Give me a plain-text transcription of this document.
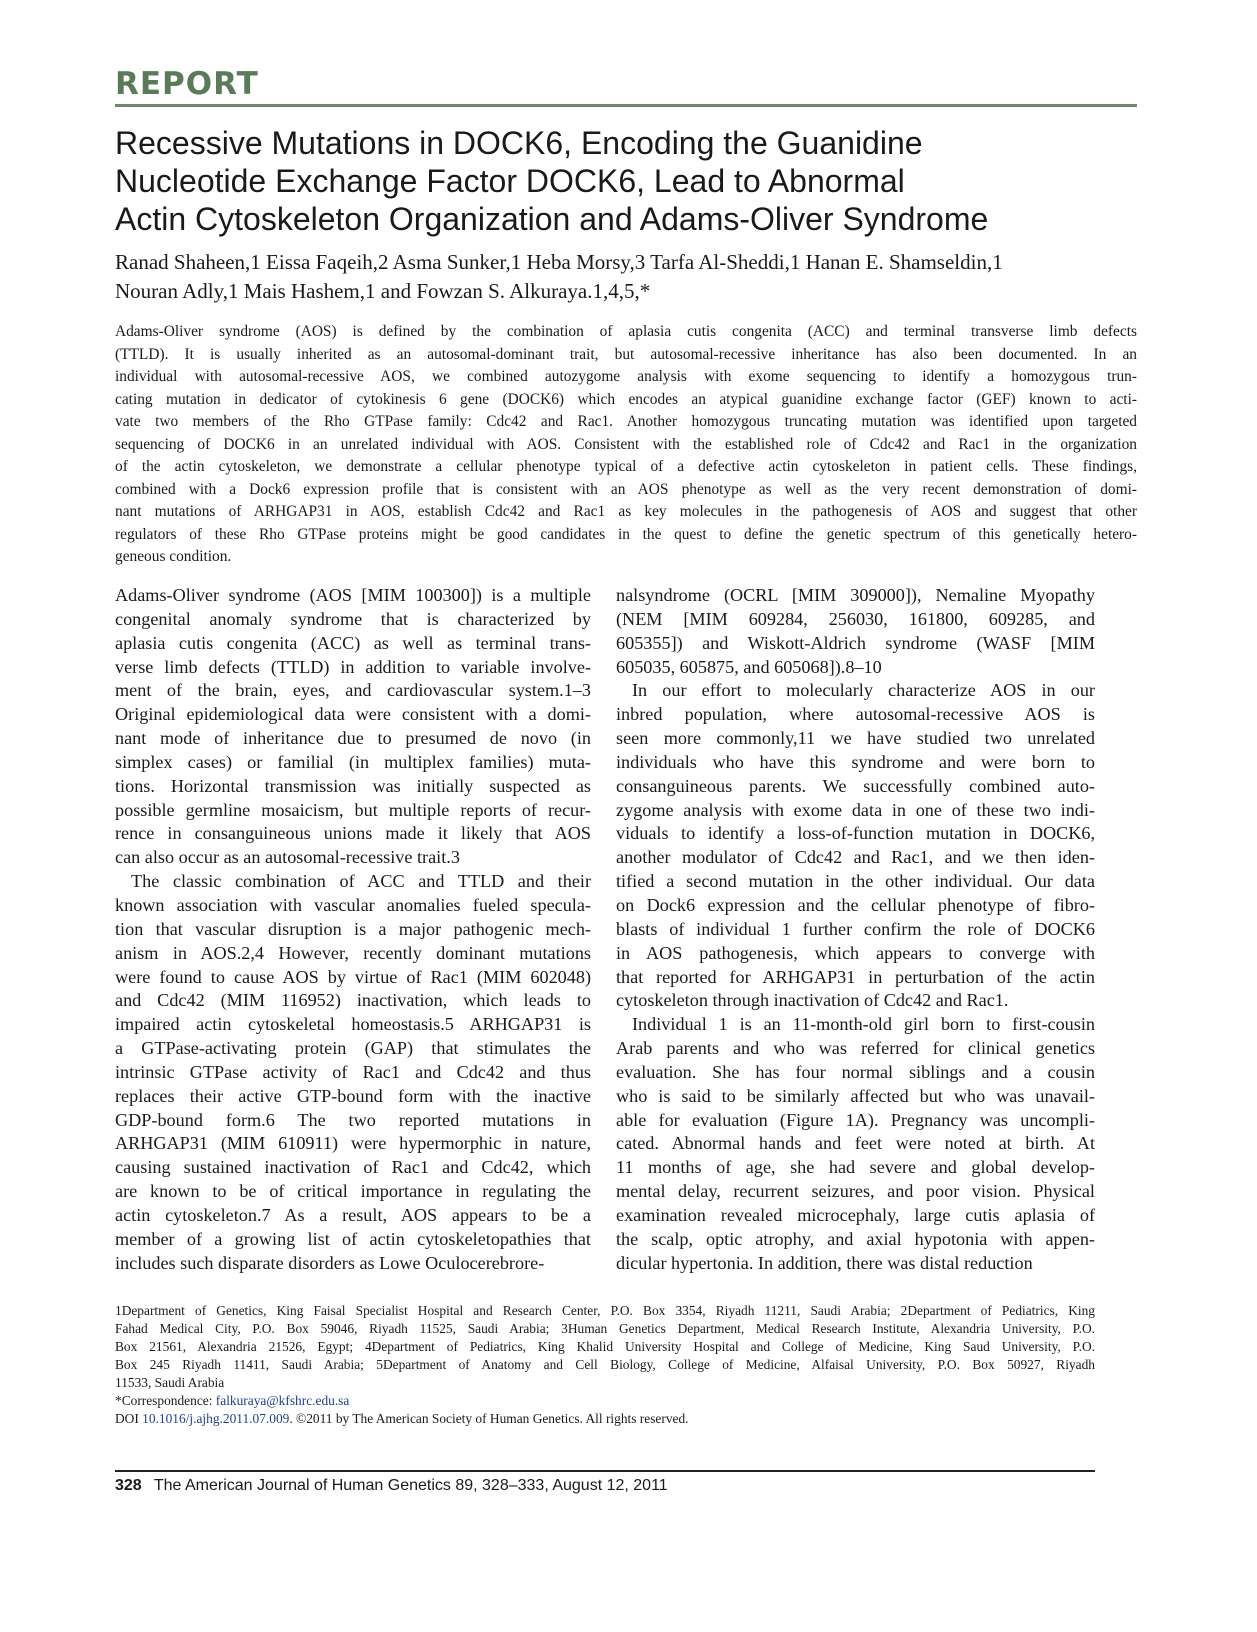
REPORT
Recessive Mutations in DOCK6, Encoding the Guanidine
Nucleotide Exchange Factor DOCK6, Lead to Abnormal
Actin Cytoskeleton Organization and Adams-Oliver Syndrome
Ranad Shaheen,1 Eissa Faqeih,2 Asma Sunker,1 Heba Morsy,3 Tarfa Al-Sheddi,1 Hanan E. Shamseldin,1
Nouran Adly,1 Mais Hashem,1 and Fowzan S. Alkuraya.1,4,5,*
Adams-Oliver syndrome (AOS) is defined by the combination of aplasia cutis congenita (ACC) and terminal transverse limb defects
(TTLD). It is usually inherited as an autosomal-dominant trait, but autosomal-recessive inheritance has also been documented. In an
individual with autosomal-recessive AOS, we combined autozygome analysis with exome sequencing to identify a homozygous trun-
cating mutation in dedicator of cytokinesis 6 gene (DOCK6) which encodes an atypical guanidine exchange factor (GEF) known to acti-
vate two members of the Rho GTPase family: Cdc42 and Rac1. Another homozygous truncating mutation was identified upon targeted
sequencing of DOCK6 in an unrelated individual with AOS. Consistent with the established role of Cdc42 and Rac1 in the organization
of the actin cytoskeleton, we demonstrate a cellular phenotype typical of a defective actin cytoskeleton in patient cells. These findings,
combined with a Dock6 expression profile that is consistent with an AOS phenotype as well as the very recent demonstration of domi-
nant mutations of ARHGAP31 in AOS, establish Cdc42 and Rac1 as key molecules in the pathogenesis of AOS and suggest that other
regulators of these Rho GTPase proteins might be good candidates in the quest to define the genetic spectrum of this genetically hetero-
geneous condition.
Adams-Oliver syndrome (AOS [MIM 100300]) is a multiple
congenital anomaly syndrome that is characterized by
aplasia cutis congenita (ACC) as well as terminal trans-
verse limb defects (TTLD) in addition to variable involve-
ment of the brain, eyes, and cardiovascular system.1–3
Original epidemiological data were consistent with a domi-
nant mode of inheritance due to presumed de novo (in
simplex cases) or familial (in multiplex families) muta-
tions. Horizontal transmission was initially suspected as
possible germline mosaicism, but multiple reports of recur-
rence in consanguineous unions made it likely that AOS
can also occur as an autosomal-recessive trait.3
The classic combination of ACC and TTLD and their
known association with vascular anomalies fueled specula-
tion that vascular disruption is a major pathogenic mech-
anism in AOS.2,4 However, recently dominant mutations
were found to cause AOS by virtue of Rac1 (MIM 602048)
and Cdc42 (MIM 116952) inactivation, which leads to
impaired actin cytoskeletal homeostasis.5 ARHGAP31 is
a GTPase-activating protein (GAP) that stimulates the
intrinsic GTPase activity of Rac1 and Cdc42 and thus
replaces their active GTP-bound form with the inactive
GDP-bound form.6 The two reported mutations in
ARHGAP31 (MIM 610911) were hypermorphic in nature,
causing sustained inactivation of Rac1 and Cdc42, which
are known to be of critical importance in regulating the
actin cytoskeleton.7 As a result, AOS appears to be a
member of a growing list of actin cytoskeletopathies that
includes such disparate disorders as Lowe Oculocerebrore-
nalsyndrome (OCRL [MIM 309000]), Nemaline Myopathy
(NEM [MIM 609284, 256030, 161800, 609285, and
605355]) and Wiskott-Aldrich syndrome (WASF [MIM
605035, 605875, and 605068]).8–10
In our effort to molecularly characterize AOS in our
inbred population, where autosomal-recessive AOS is
seen more commonly,11 we have studied two unrelated
individuals who have this syndrome and were born to
consanguineous parents. We successfully combined auto-
zygome analysis with exome data in one of these two indi-
viduals to identify a loss-of-function mutation in DOCK6,
another modulator of Cdc42 and Rac1, and we then iden-
tified a second mutation in the other individual. Our data
on Dock6 expression and the cellular phenotype of fibro-
blasts of individual 1 further confirm the role of DOCK6
in AOS pathogenesis, which appears to converge with
that reported for ARHGAP31 in perturbation of the actin
cytoskeleton through inactivation of Cdc42 and Rac1.
Individual 1 is an 11-month-old girl born to first-cousin
Arab parents and who was referred for clinical genetics
evaluation. She has four normal siblings and a cousin
who is said to be similarly affected but who was unavail-
able for evaluation (Figure 1A). Pregnancy was uncompli-
cated. Abnormal hands and feet were noted at birth. At
11 months of age, she had severe and global develop-
mental delay, recurrent seizures, and poor vision. Physical
examination revealed microcephaly, large cutis aplasia of
the scalp, optic atrophy, and axial hypotonia with appen-
dicular hypertonia. In addition, there was distal reduction
1Department of Genetics, King Faisal Specialist Hospital and Research Center, P.O. Box 3354, Riyadh 11211, Saudi Arabia; 2Department of Pediatrics, King
Fahad Medical City, P.O. Box 59046, Riyadh 11525, Saudi Arabia; 3Human Genetics Department, Medical Research Institute, Alexandria University, P.O.
Box 21561, Alexandria 21526, Egypt; 4Department of Pediatrics, King Khalid University Hospital and College of Medicine, King Saud University, P.O.
Box 245 Riyadh 11411, Saudi Arabia; 5Department of Anatomy and Cell Biology, College of Medicine, Alfaisal University, P.O. Box 50927, Riyadh
11533, Saudi Arabia
*Correspondence: falkuraya@kfshrc.edu.sa
DOI 10.1016/j.ajhg.2011.07.009. ©2011 by The American Society of Human Genetics. All rights reserved.
328 The American Journal of Human Genetics 89, 328–333, August 12, 2011
